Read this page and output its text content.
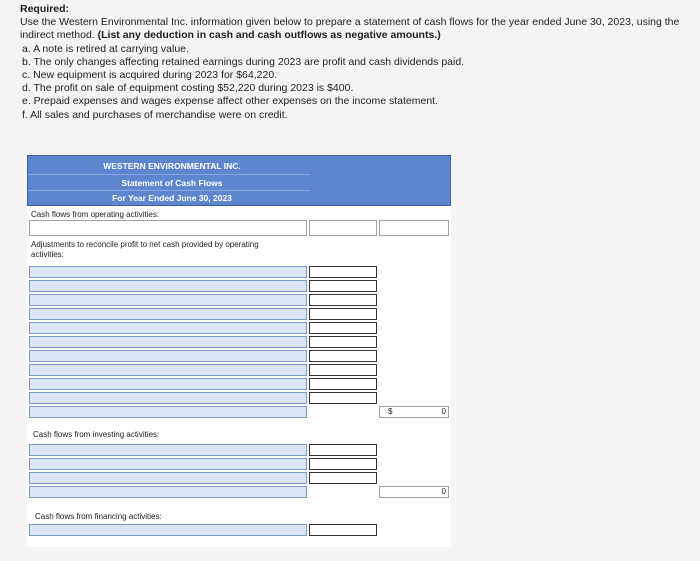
Required:
Use the Western Environmental Inc. information given below to prepare a statement of cash flows for the year ended June 30, 2023, using the indirect method. (List any deduction in cash and cash outflows as negative amounts.)
a. A note is retired at carrying value.
b. The only changes affecting retained earnings during 2023 are profit and cash dividends paid.
c. New equipment is acquired during 2023 for $64,220.
d. The profit on sale of equipment costing $52,220 during 2023 is $400.
e. Prepaid expenses and wages expense affect other expenses on the income statement.
f. All sales and purchases of merchandise were on credit.
WESTERN ENVIRONMENTAL INC.
Statement of Cash Flows
For Year Ended June 30, 2023
Cash flows from operating activities:
Adjustments to reconcile profit to net cash provided by operating activities:
$	0
Cash flows from investing activities:
0
Cash flows from financing activities:
